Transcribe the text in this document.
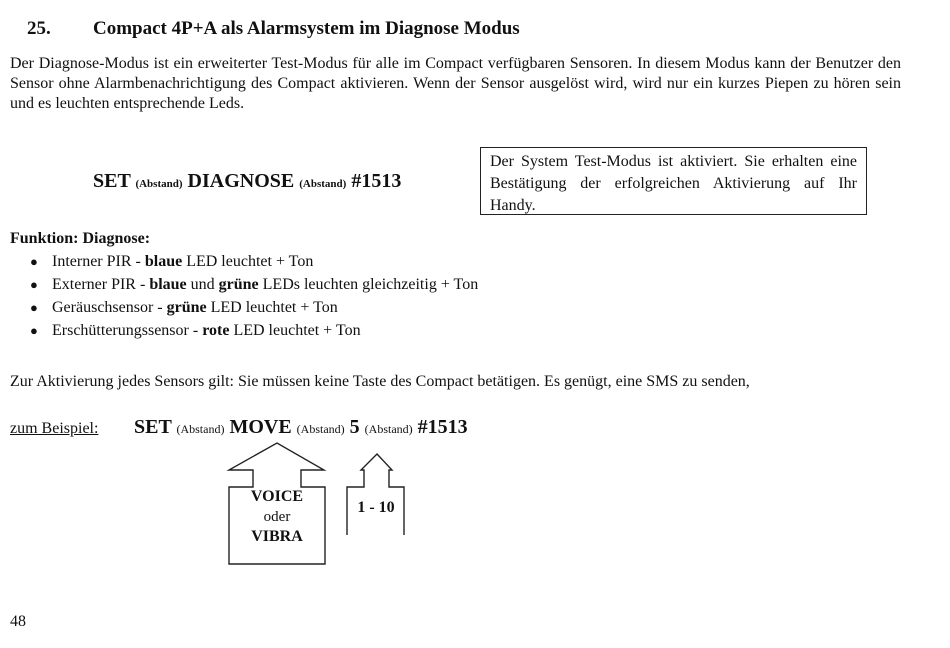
25. Compact 4P+A als Alarmsystem im Diagnose Modus

Der Diagnose-Modus ist ein erweiterter Test-Modus für alle im Compact verfügbaren Sensoren. In diesem Modus kann der Benutzer den Sensor ohne Alarmbenachrichtigung des Compact aktivieren. Wenn der Sensor ausgelöst wird, wird nur ein kurzes Piepen zu hören sein und es leuchten entsprechende Leds.

SET (Abstand) DIAGNOSE (Abstand) #1513
Der System Test-Modus ist aktiviert. Sie erhalten eine Bestätigung der erfolgreichen Aktivierung auf Ihr Handy.
Funktion: Diagnose:
● Interner PIR - blaue LED leuchtet + Ton
● Externer PIR - blaue und grüne LEDs leuchten gleichzeitig + Ton
● Geräuschsensor - grüne LED leuchtet + Ton
● Erschütterungssensor - rote LED leuchtet + Ton
Zur Aktivierung jedes Sensors gilt: Sie müssen keine Taste des Compact betätigen. Es genügt, eine SMS zu senden,
zum Beispiel: SET (Abstand) MOVE (Abstand) 5 (Abstand) #1513
VOICE
oder
VIBRA
1 - 10
48
